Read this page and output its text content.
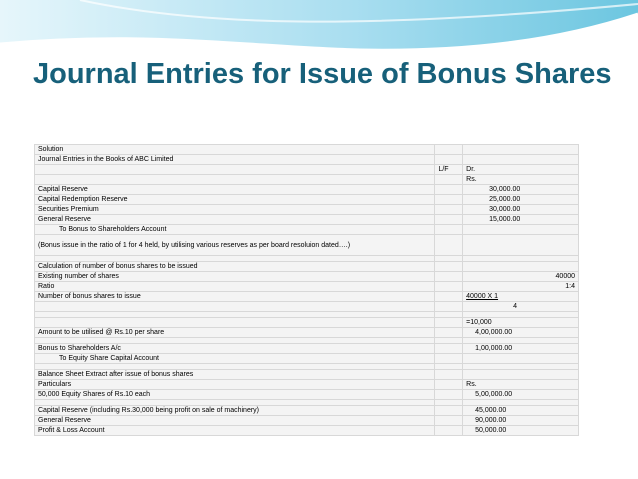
Journal Entries for Issue of Bonus Shares
Solution			
Journal Entries in the Books of ABC Limited			
	L/F	Dr.	
		Rs.	
Capital Reserve		30,000.00	
Capital Redemption Reserve		25,000.00	
Securities Premium		30,000.00	
General Reserve		15,000.00	
To Bonus to Shareholders Account			
(Bonus issue in the ratio of 1 for 4 held, by utilising various reserves as per board resoluion dated….)			

Calculation of number of bonus shares to be issued			
Existing number of shares		40000	
Ratio		1:4	
Number of bonus shares to issue		40000 X 1	
		4	

		=10,000	
Amount to be utilised @ Rs.10 per share		4,00,000.00	

Bonus to Shareholders A/c		1,00,000.00	
To Equity Share Capital Account			

Balance Sheet Extract after issue of bonus shares			
Particulars		Rs.	
50,000 Equity Shares of Rs.10 each		5,00,000.00	

Capital Reserve (including Rs.30,000 being profit on sale of machinery)		45,000.00	
General Reserve		90,000.00	
Profit & Loss Account		50,000.00	
